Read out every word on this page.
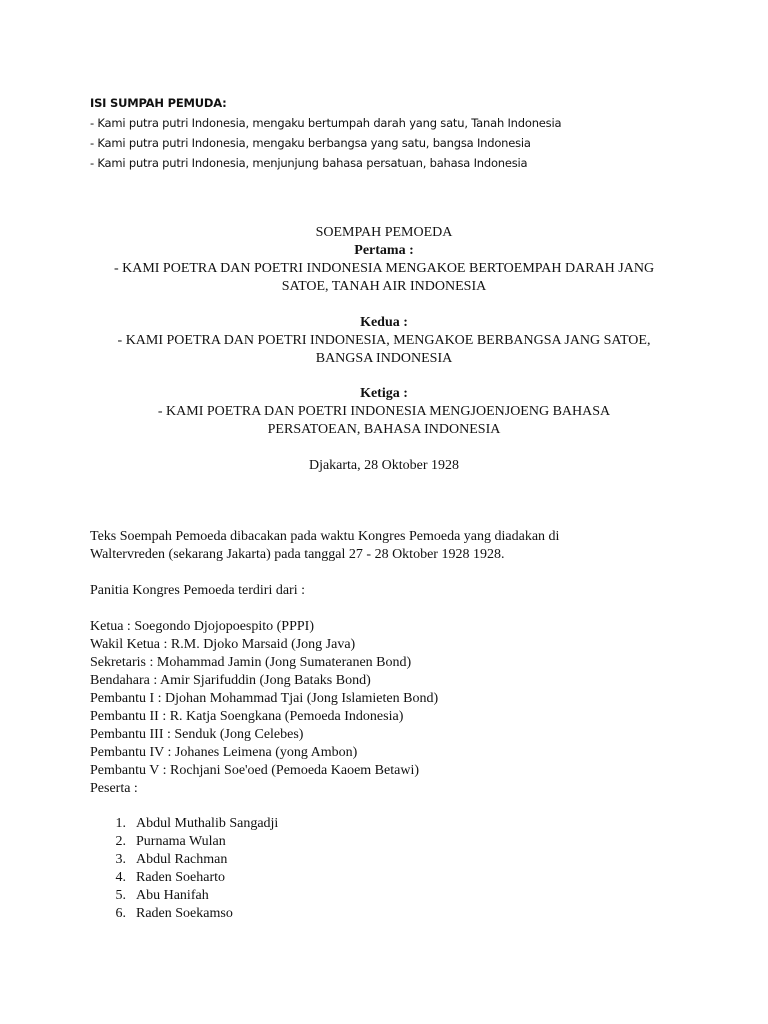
ISI SUMPAH PEMUDA:
- Kami putra putri Indonesia, mengaku bertumpah darah yang satu, Tanah Indonesia
- Kami putra putri Indonesia, mengaku berbangsa yang satu, bangsa Indonesia
- Kami putra putri Indonesia, menjunjung bahasa persatuan, bahasa Indonesia
SOEMPAH PEMOEDA
Pertama :
- KAMI POETRA DAN POETRI INDONESIA MENGAKOE BERTOEMPAH DARAH JANG
SATOE, TANAH AIR INDONESIA
Kedua :
- KAMI POETRA DAN POETRI INDONESIA, MENGAKOE BERBANGSA JANG SATOE,
BANGSA INDONESIA
Ketiga :
- KAMI POETRA DAN POETRI INDONESIA MENGJOENJOENG BAHASA
PERSATOEAN, BAHASA INDONESIA
Djakarta, 28 Oktober 1928
Teks Soempah Pemoeda dibacakan pada waktu Kongres Pemoeda yang diadakan di
Waltervreden (sekarang Jakarta) pada tanggal 27 - 28 Oktober 1928 1928.
Panitia Kongres Pemoeda terdiri dari :
Ketua : Soegondo Djojopoespito (PPPI)
Wakil Ketua : R.M. Djoko Marsaid (Jong Java)
Sekretaris : Mohammad Jamin (Jong Sumateranen Bond)
Bendahara : Amir Sjarifuddin (Jong Bataks Bond)
Pembantu I : Djohan Mohammad Tjai (Jong Islamieten Bond)
Pembantu II : R. Katja Soengkana (Pemoeda Indonesia)
Pembantu III : Senduk (Jong Celebes)
Pembantu IV : Johanes Leimena (yong Ambon)
Pembantu V : Rochjani Soe'oed (Pemoeda Kaoem Betawi)
Peserta :
1. Abdul Muthalib Sangadji
2. Purnama Wulan
3. Abdul Rachman
4. Raden Soeharto
5. Abu Hanifah
6. Raden Soekamso
